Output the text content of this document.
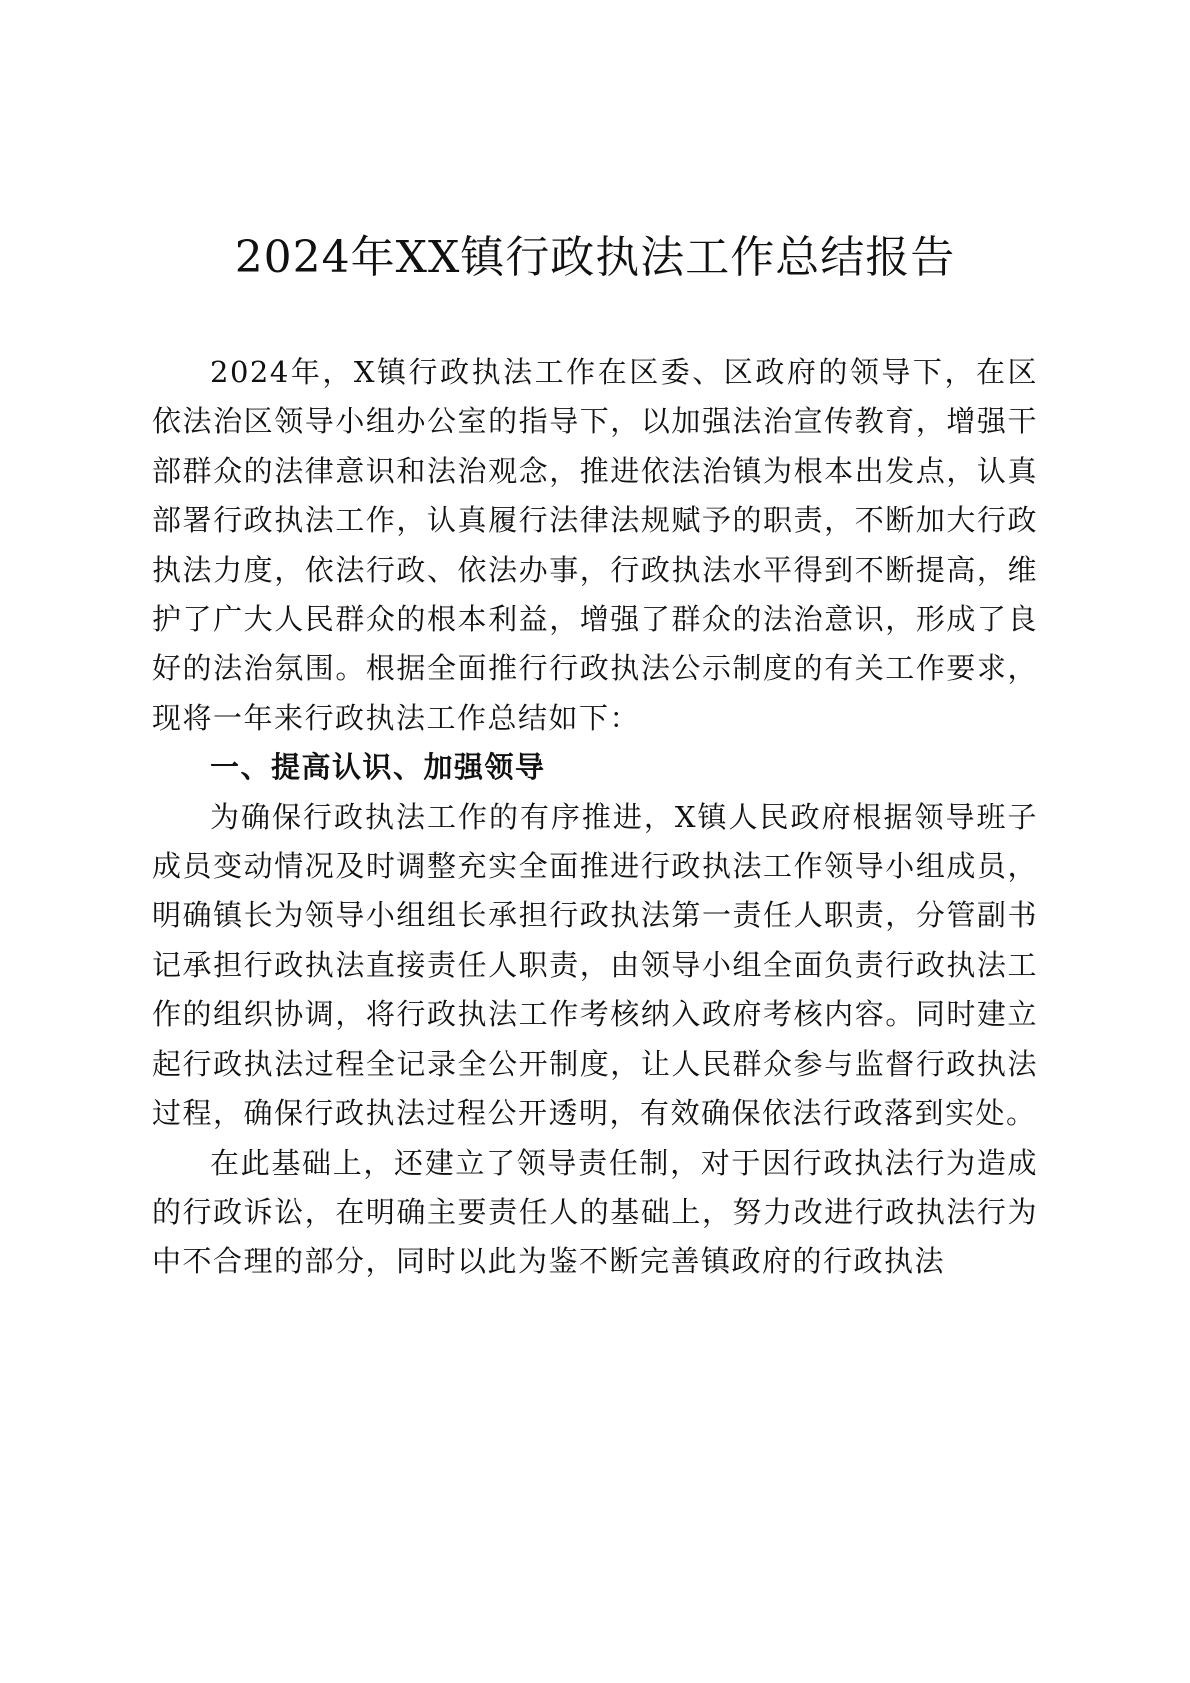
2024年XX镇行政执法工作总结报告

2024年，X镇行政执法工作在区委、区政府的领导下，在区依法治区领导小组办公室的指导下，以加强法治宣传教育，增强干部群众的法律意识和法治观念，推进依法治镇为根本出发点，认真部署行政执法工作，认真履行法律法规赋予的职责，不断加大行政执法力度，依法行政、依法办事，行政执法水平得到不断提高，维护了广大人民群众的根本利益，增强了群众的法治意识，形成了良好的法治氛围。根据全面推行行政执法公示制度的有关工作要求，现将一年来行政执法工作总结如下：

一、提高认识、加强领导

为确保行政执法工作的有序推进，X镇人民政府根据领导班子成员变动情况及时调整充实全面推进行政执法工作领导小组成员，明确镇长为领导小组组长承担行政执法第一责任人职责，分管副书记承担行政执法直接责任人职责，由领导小组全面负责行政执法工作的组织协调，将行政执法工作考核纳入政府考核内容。同时建立起行政执法过程全记录全公开制度，让人民群众参与监督行政执法过程，确保行政执法过程公开透明，有效确保依法行政落到实处。

在此基础上，还建立了领导责任制，对于因行政执法行为造成的行政诉讼，在明确主要责任人的基础上，努力改进行政执法行为中不合理的部分，同时以此为鉴不断完善镇政府的行政执法
